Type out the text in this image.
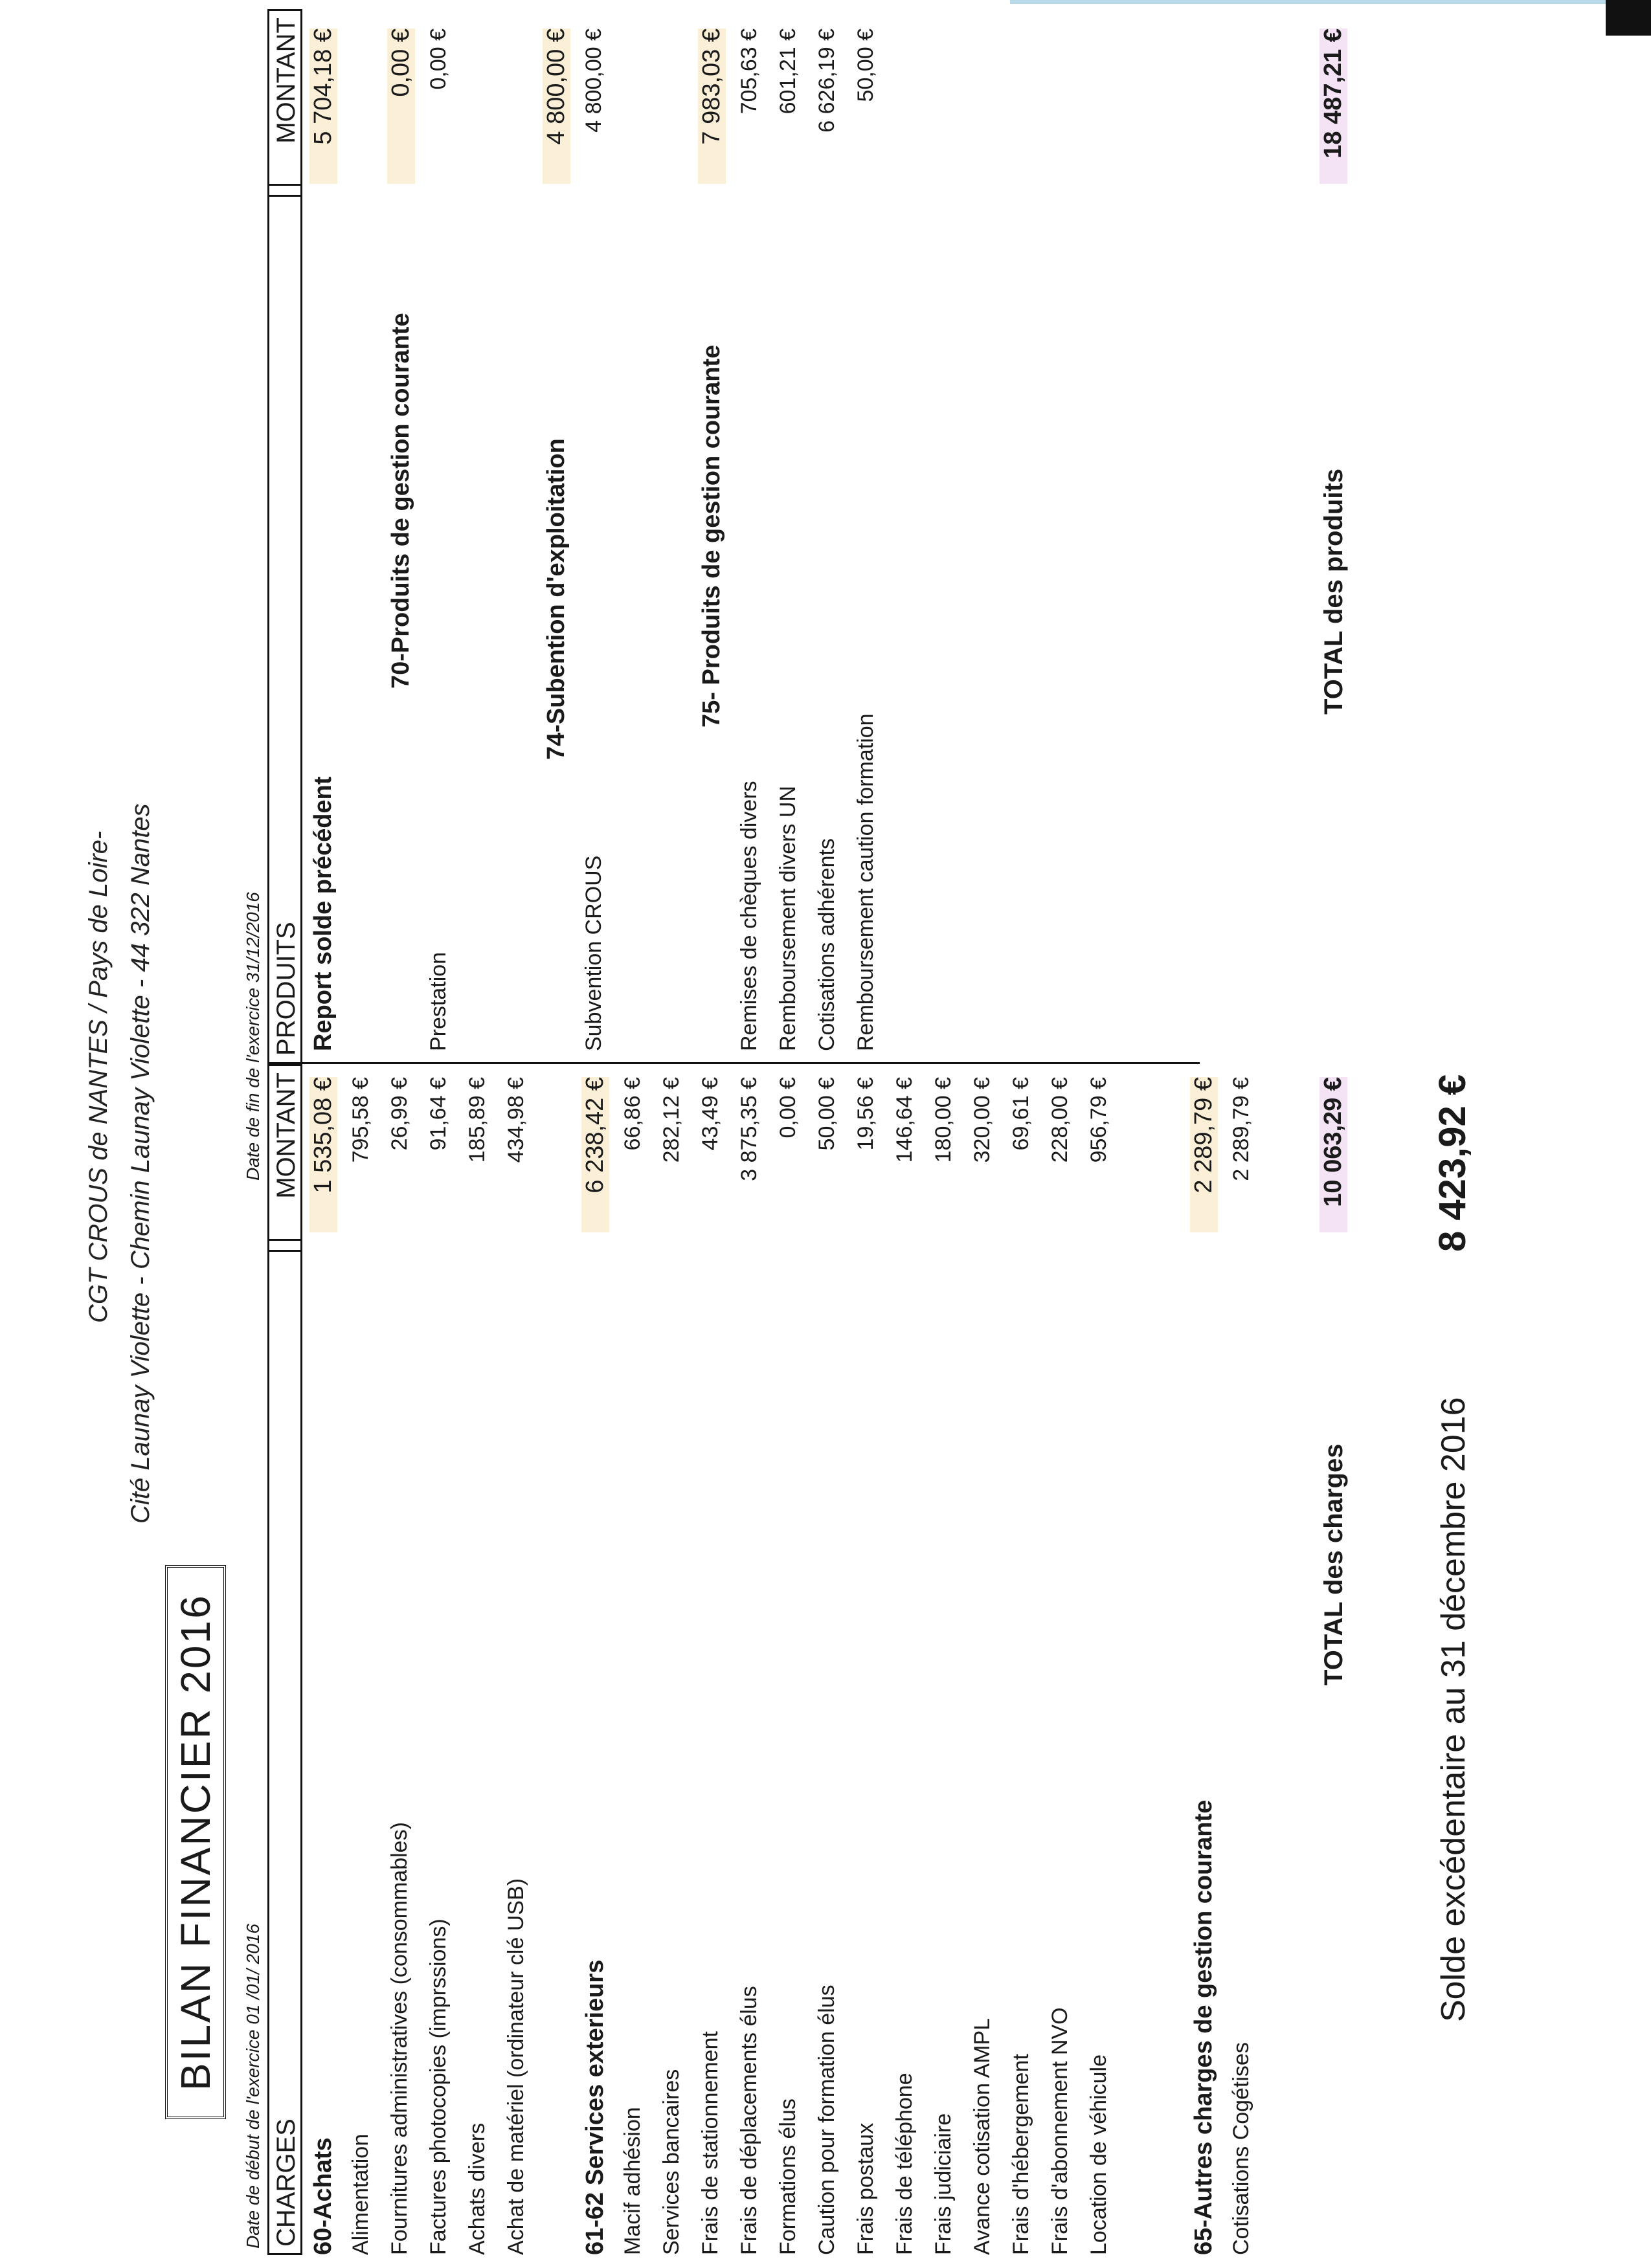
CGT CROUS de NANTES / Pays de Loire- Cité Launay Violette - Chemin Launay Violette - 44 322 Nantes
BILAN FINANCIER 2016	Date de début de l'exercice 01 /01/ 2016
Date de fin de l'exercice 31/12/2016
CHARGES
MONTANT
PRODUITS
MONTANT
60-Achats
1 535,08 €
Alimentation
795,58 €
Fournitures administratives (consommables)
26,99 €
Factures photocopies (imprssions)
91,64 €
Achats divers
185,89 €
Achat de matériel (ordinateur clé USB)
434,98 €
61-62 Services exterieurs
6 238,42 €
Macif adhésion
66,86 €
Services bancaires
282,12 €
Frais de stationnement
43,49 €
Frais de déplacements élus
3 875,35 €
Formations élus
0,00 €
Caution pour formation élus
50,00 €
Frais postaux
19,56 €
Frais de téléphone
146,64 €
Frais judiciaire
180,00 €
Avance cotisation AMPL
320,00 €
Frais d'hébergement
69,61 €
Frais d'abonnement NVO
228,00 €
Location de véhicule
956,79 €
65-Autres charges de gestion courante
2 289,79 €
Cotisations Cogétises
2 289,79 €
TOTAL des charges
10 063,29 €
Report solde précédent
5 704,18 €
70-Produits de gestion courante
0,00 €
Prestation
0,00 €
74-Subention d'exploitation
4 800,00 €
Subvention CROUS
4 800,00 €
75- Produits de gestion courante
7 983,03 €
Remises de chèques divers
705,63 €
Remboursement divers UN
601,21 €
Cotisations adhérents
6 626,19 €
Remboursement caution formation
50,00 €
TOTAL des produits
18 487,21 €
Solde excédentaire au 31 décembre 2016
8 423,92 €
